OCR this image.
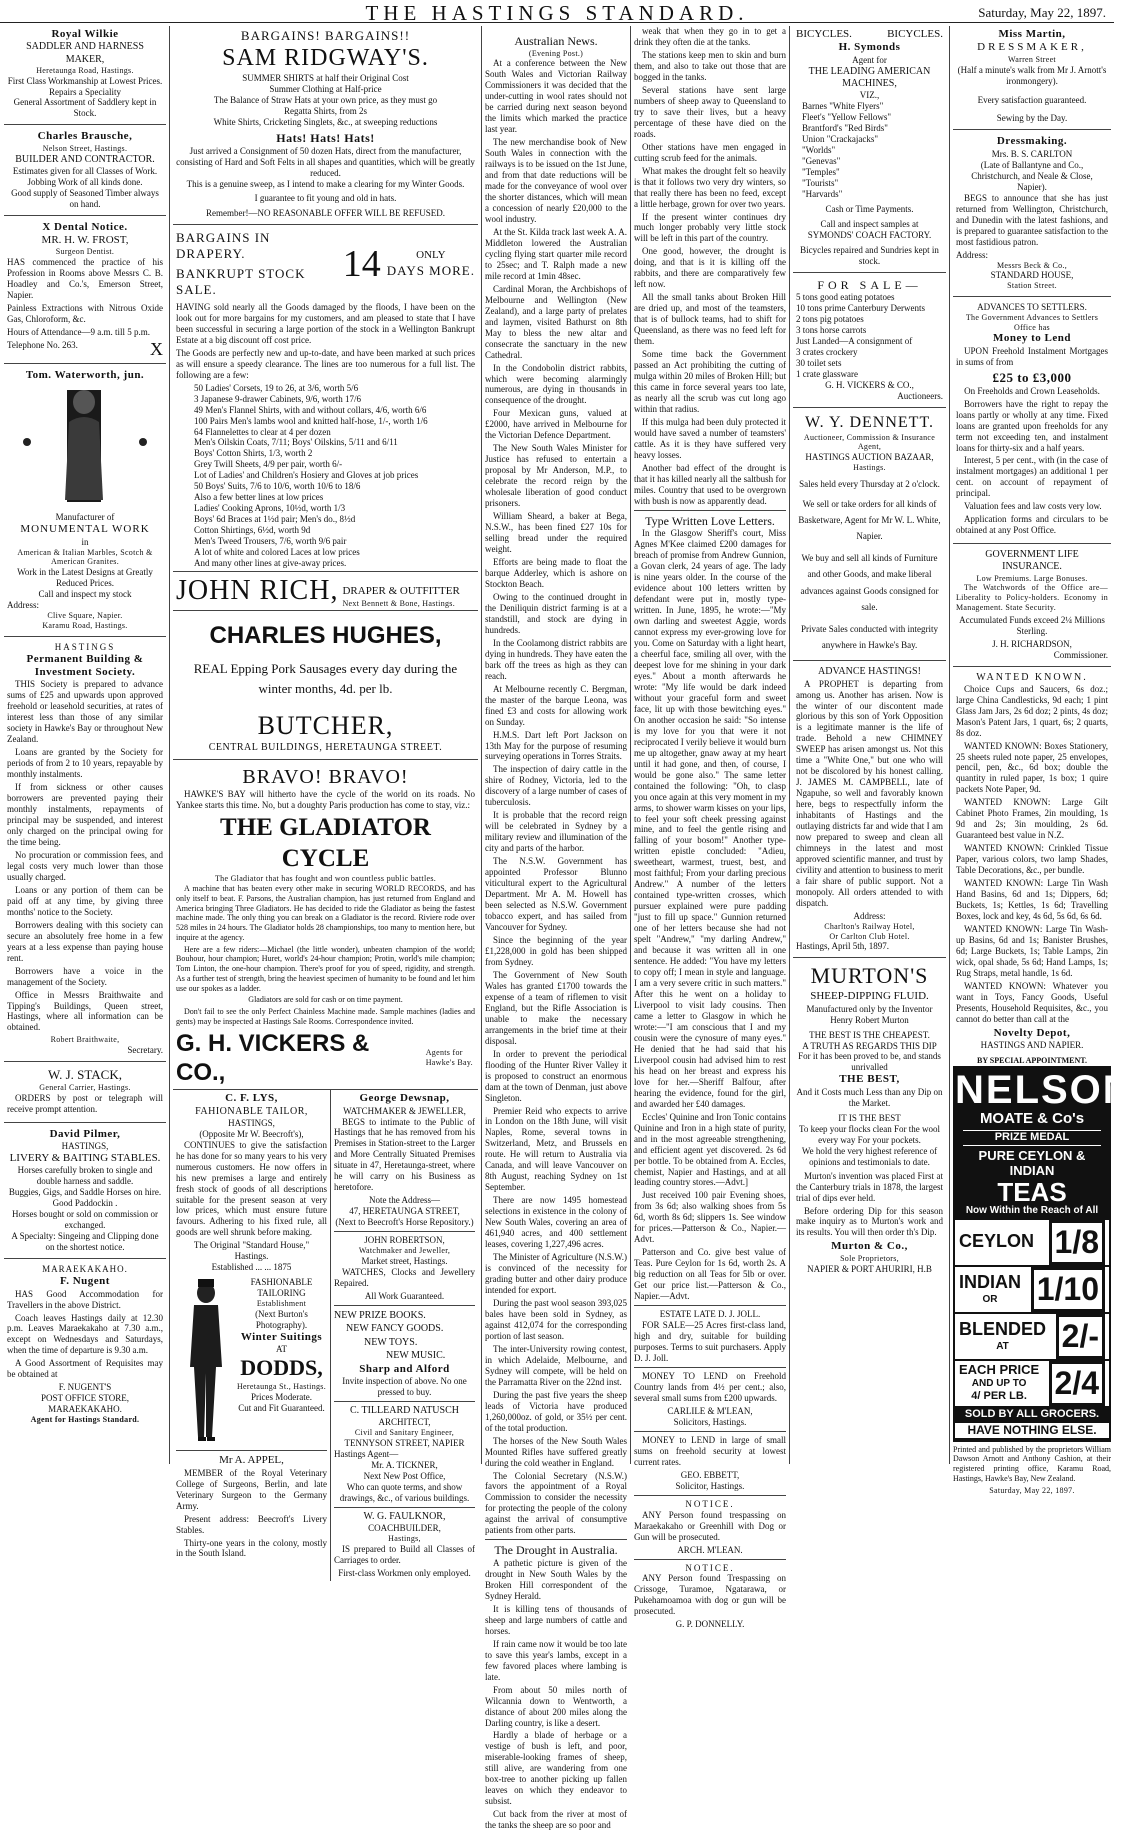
THE HASTINGS STANDARD.	Saturday, May 22, 1897.
Royal Wilkie
SADDLER AND HARNESS MAKER,
Heretaunga Road, Hastings.
First Class Workmanship at Lowest Prices.
Repairs a Speciality
General Assortment of Saddlery kept in Stock.
Charles Brausche,
Nelson Street, Hastings.
BUILDER AND CONTRACTOR.
Estimates given for all Classes of Work.
Jobbing Work of all kinds done.
Good supply of Seasoned Timber always on hand.
X Dental Notice.
MR. H. W. FROST,
Surgeon Dentist.

HAS commenced the practice of his Profession in Rooms above Messrs C. B. Hoadley and Co.'s, Emerson Street, Napier.

Painless Extractions with Nitrous Oxide Gas, Chloroform, &c.

Hours of Attendance—9 a.m. till 5 p.m.

Telephone No. 263.	X
Tom. Waterworth, jun.
Manufacturer of
MONUMENTAL WORK
in
American & Italian Marbles, Scotch & American Granites.
Work in the Latest Designs at Greatly Reduced Prices.
Call and inspect my stock
Address:
Clive Square, Napier.
Karamu Road, Hastings.
HASTINGS
Permanent Building & Investment Society.

THIS Society is prepared to advance sums of £25 and upwards upon approved freehold or leasehold securities, at rates of interest less than those of any similar society in Hawke's Bay or throughout New Zealand.

Loans are granted by the Society for periods of from 2 to 10 years, repayable by monthly instalments.

If from sickness or other causes borrowers are prevented paying their monthly instalments, repayments of principal may be suspended, and interest only charged on the principal owing for the time being.

No procuration or commission fees, and legal costs very much lower than those usually charged.

Loans or any portion of them can be paid off at any time, by giving three months' notice to the Society.

Borrowers dealing with this society can secure an absolutely free home in a few years at a less expense than paying house rent.

Borrowers have a voice in the management of the Society.

Office in Messrs Braithwaite and Tipping's Buildings, Queen street, Hastings, where all information can be obtained.

Robert Braithwaite,
Secretary.
W. J. STACK,
General Carrier, Hastings.

ORDERS by post or telegraph will receive prompt attention.

David Pilmer,
HASTINGS,
LIVERY & BAITING STABLES.
Horses carefully broken to single and double harness and saddle.
Buggies, Gigs, and Saddle Horses on hire.
Good Paddockin .
Horses bought or sold on commission or exchanged.
A Specialty: Singeing and Clipping done on the shortest notice.
MARAEKAKAHO.
F. Nugent

HAS Good Accommodation for Travellers in the above District.

Coach leaves Hastings daily at 12.30 p.m. Leaves Maraekakaho at 7.30 a.m., except on Wednesdays and Saturdays, when the time of departure is 9.30 a.m.

A Good Assortment of Requisites may be obtained at

F. NUGENT'S
POST OFFICE STORE, MARAEKAKAHO.
Agent for Hastings Standard.
BARGAINS! BARGAINS!!
SAM RIDGWAY'S.
SUMMER SHIRTS at half their Original Cost
Summer Clothing at Half-price
The Balance of Straw Hats at your own price, as they must go
Regatta Shirts, from 2s
White Shirts, Cricketing Singlets, &c., at sweeping reductions
Hats! Hats! Hats!
Just arrived a Consignment of 50 dozen Hats, direct from the manufacturer, consisting of Hard and Soft Felts in all shapes and quantities, which will be greatly reduced.
This is a genuine sweep, as I intend to make a clearing for my Winter Goods.
I guarantee to fit young and old in hats.
Remember!—NO REASONABLE OFFER WILL BE REFUSED.
BARGAINS IN DRAPERY.
BANKRUPT STOCK SALE.
14	ONLY
DAYS MORE.

HAVING sold nearly all the Goods damaged by the floods, I have been on the look out for more bargains for my customers, and am pleased to state that I have been successful in securing a large portion of the stock in a Wellington Bankrupt Estate at a big discount off cost price.

The Goods are perfectly new and up-to-date, and have been marked at such prices as will ensure a speedy clearance. The lines are too numerous for a full list. The following are a few:

50 Ladies' Corsets, 19 to 26, at 3/6, worth 5/6
3 Japanese 9-drawer Cabinets, 9/6, worth 17/6
49 Men's Flannel Shirts, with and without collars, 4/6, worth 6/6
100 Pairs Men's lambs wool and knitted half-hose, 1/-, worth 1/6
64 Flannelettes to clear at 4 per dozen
Men's Oilskin Coats, 7/11; Boys' Oilskins, 5/11 and 6/11
Boys' Cotton Shirts, 1/3, worth 2
Grey Twill Sheets, 4/9 per pair, worth 6/-
Lot of Ladies' and Children's Hosiery and Gloves at job prices
50 Boys' Suits, 7/6 to 10/6, worth 10/6 to 18/6
Also a few better lines at low prices
Ladies' Cooking Aprons, 10½d, worth 1/3
Boys' 6d Braces at 1½d pair; Men's do., 8½d
Cotton Shirtings, 6½d, worth 9d
Men's Tweed Trousers, 7/6, worth 9/6 pair
A lot of white and colored Laces at low prices
And many other lines at give-away prices.
JOHN RICH, DRAPER & OUTFITTER
Next Bennett & Bone, Hastings.
CHARLES HUGHES,
REAL Epping Pork Sausages every day during the winter months, 4d. per lb.
BUTCHER,
CENTRAL BUILDINGS, HERETAUNGA STREET.
BRAVO! BRAVO!

HAWKE'S BAY will hitherto have the cycle of the world on its roads. No Yankee starts this time. No, but a doughty Paris production has come to stay, viz.:

THE GLADIATOR CYCLE
The Gladiator that has fought and won countless public battles.

A machine that has beaten every other make in securing WORLD RECORDS, and has only itself to beat. F. Parsons, the Australian champion, has just returned from England and America bringing Three Gladiators. He has decided to ride the Gladiator as being the fastest machine made. The only thing you can break on a Gladiator is the record. Riviere rode over 528 miles in 24 hours. The Gladiator holds 28 championships, too many to mention here, but inquire at the agency.

Here are a few riders:—Michael (the little wonder), unbeaten champion of the world; Bouhour, hour champion; Huret, world's 24-hour champion; Protin, world's mile champion; Tom Linton, the one-hour champion. There's proof for you of speed, rigidity, and strength. As a further test of strength, bring the heaviest specimen of humanity to be found and let him use our spokes as a ladder.

Gladiators are sold for cash or on time payment.

Don't fail to see the only Perfect Chainless Machine made. Sample machines (ladies and gents) may be inspected at Hastings Sale Rooms. Correspondence invited.

G. H. VICKERS & CO.,
Agents for Hawke's Bay.
C. F. LYS,
FAHIONABLE TAILOR,
HASTINGS,
(Opposite Mr W. Beecroft's),

CONTINUES to give the satisfaction he has done for so many years to his very numerous customers. He now offers in his new premises a large and entirely fresh stock of goods of all descriptions suitable for the present season at very low prices, which must ensure future favours. Adhering to his fixed rule, all goods are well shrunk before making.

The Original "Standard House," Hastings.
Established ... ... 1875
FASHIONABLE TAILORING
Establishment
(Next Burton's Photography).
Winter Suitings
AT
DODDS,
Heretaunga St., Hastings.
Prices Moderate.
Cut and Fit Guaranteed.
Mr A. APPEL,

MEMBER of the Royal Veterinary College of Surgeons, Berlin, and late Veterinary Surgeon to the Germany Army.

Present address: Beecroft's Livery Stables.

Thirty-one years in the colony, mostly in the South Island.

George Dewsnap,
WATCHMAKER & JEWELLER,

BEGS to intimate to the Public of Hastings that he has removed from his Premises in Station-street to the Larger and More Centrally Situated Premises situate in 47, Heretaunga-street, where he will carry on his Business as heretofore.

Note the Address—
47, HERETAUNGA STREET,
(Next to Beecroft's Horse Repository.)
JOHN ROBERTSON,
Watchmaker and Jeweller,
Market street, Hastings.

WATCHES, Clocks and Jewellery Repaired.

All Work Guaranteed.
NEW PRIZE BOOKS.
NEW FANCY GOODS.
NEW TOYS.
NEW MUSIC.
Sharp and Alford
Invite inspection of above. No one pressed to buy.
C. TILLEARD NATUSCH
ARCHITECT,
Civil and Sanitary Engineer,
TENNYSON STREET, NAPIER
Hastings Agent—
Mr. A. TICKNER,
Next New Post Office,
Who can quote terms, and show drawings, &c., of various buildings.
W. G. FAULKNOR,
COACHBUILDER,
Hastings,

IS prepared to Build all Classes of Carriages to order.

First-class Workmen only employed.
Australian News.
(Evening Post.)

At a conference between the New South Wales and Victorian Railway Commissioners it was decided that the under-cutting in wool rates should not be carried during next season beyond the limits which marked the practice last year.

The new merchandise book of New South Wales in connection with the railways is to be issued on the 1st June, and from that date reductions will be made for the conveyance of wool over the shorter distances, which will mean a concession of nearly £20,000 to the wool industry.

At the St. Kilda track last week A. A. Middleton lowered the Australian cycling flying start quarter mile record to 25sec; and T. Ralph made a new mile record at 1min 48sec.

Cardinal Moran, the Archbishops of Melbourne and Wellington (New Zealand), and a large party of prelates and laymen, visited Bathurst on 8th May to bless the new altar and consecrate the sanctuary in the new Cathedral.

In the Condobolin district rabbits, which were becoming alarmingly numerous, are dying in thousands in consequence of the drought.

Four Mexican guns, valued at £2000, have arrived in Melbourne for the Victorian Defence Department.

The New South Wales Minister for Justice has refused to entertain a proposal by Mr Anderson, M.P., to celebrate the record reign by the wholesale liberation of good conduct prisoners.

William Sheard, a baker at Bega, N.S.W., has been fined £27 10s for selling bread under the required weight.

Efforts are being made to float the barque Adderley, which is ashore on Stockton Beach.

Owing to the continued drought in the Deniliquin district farming is at a standstill, and stock are dying in hundreds.

In the Coolamong district rabbits are dying in hundreds. They have eaten the bark off the trees as high as they can reach.

At Melbourne recently C. Bergman, the master of the barque Leona, was fined £3 and costs for allowing work on Sunday.

H.M.S. Dart left Port Jackson on 13th May for the purpose of resuming surveying operations in Torres Straits.

The inspection of dairy cattle in the shire of Rodney, Victoria, led to the discovery of a large number of cases of tuberculosis.

It is probable that the record reign will be celebrated in Sydney by a military review and illumination of the city and parts of the harbor.

The N.S.W. Government has appointed Professor Blunno viticultural expert to the Agricultural Department. Mr A. M. Howell has been selected as N.S.W. Government tobacco expert, and has sailed from Vancouver for Sydney.

Since the beginning of the year £1,228,000 in gold has been shipped from Sydney.

The Government of New South Wales has granted £1700 towards the expense of a team of riflemen to visit England, but the Rifle Association is unable to make the necessary arrangements in the brief time at their disposal.

In order to prevent the periodical flooding of the Hunter River Valley it is proposed to construct an enormous dam at the town of Denman, just above Singleton.

Premier Reid who expects to arrive in London on the 18th June, will visit Naples, Rome, several towns in Switzerland, Metz, and Brussels en route. He will return to Australia via Canada, and will leave Vancouver on 8th August, reaching Sydney on 1st September.

There are now 1495 homestead selections in existence in the colony of New South Wales, covering an area of 461,940 acres, and 400 settlement leases, covering 1,227,496 acres.

The Minister of Agriculture (N.S.W.) is convinced of the necessity for grading butter and other dairy produce intended for export.

During the past wool season 393,025 bales have been sold in Sydney, as against 412,074 for the corresponding portion of last season.

The inter-University rowing contest, in which Adelaide, Melbourne, and Sydney will compete, will be held on the Parramatta River on the 22nd inst.

During the past five years the sheep leads of Victoria have produced 1,260,000oz. of gold, or 35½ per cent. of the total production.

The horses of the New South Wales Mounted Rifles have suffered greatly during the cold weather in England.

The Colonial Secretary (N.S.W.) favors the appointment of a Royal Commission to consider the necessity for protecting the people of the colony against the arrival of consumptive patients from other parts.

The Drought in Australia.

A pathetic picture is given of the drought in New South Wales by the Broken Hill correspondent of the Sydney Herald.

It is killing tens of thousands of sheep and large numbers of cattle and horses.

If rain came now it would be too late to save this year's lambs, except in a few favored places where lambing is late.

From about 50 miles north of Wilcannia down to Wentworth, a distance of about 200 miles along the Darling country, is like a desert.

Hardly a blade of herbage or a vestige of bush is left, and poor, miserable-looking frames of sheep, still alive, are wandering from one box-tree to another picking up fallen leaves on which they endeavor to subsist.

Cut back from the river at most of the tanks the sheep are so poor and

weak that when they go in to get a drink they often die at the tanks.

The stations keep men to skin and burn them, and also to take out those that are bogged in the tanks.

Several stations have sent large numbers of sheep away to Queensland to try to save their lives, but a heavy percentage of these have died on the roads.

Other stations have men engaged in cutting scrub feed for the animals.

What makes the drought felt so heavily is that it follows two very dry winters, so that really there has been no feed, except a little herbage, grown for over two years.

If the present winter continues dry much longer probably very little stock will be left in this part of the country.

One good, however, the drought is doing, and that is it is killing off the rabbits, and there are comparatively few left now.

All the small tanks about Broken Hill are dried up, and most of the teamsters, that is of bullock teams, had to shift for Queensland, as there was no feed left for them.

Some time back the Government passed an Act prohibiting the cutting of mulga within 20 miles of Broken Hill; but this came in force several years too late, as nearly all the scrub was cut long ago within that radius.

If this mulga had been duly protected it would have saved a number of teamsters' cattle. As it is they have suffered very heavy losses.

Another bad effect of the drought is that it has killed nearly all the saltbush for miles. Country that used to be overgrown with bush is now as apparently dead.

Type Written Love Letters.

In the Glasgow Sheriff's court, Miss Agnes M'Kee claimed £200 damages for breach of promise from Andrew Gunnion, a Govan clerk, 24 years of age. The lady is nine years older. In the course of the evidence about 100 letters written by defendant were put in, mostly type-written. In June, 1895, he wrote:—"My own darling and sweetest Aggie, words cannot express my ever-growing love for you. Come on Saturday with a light heart, a cheerful face, smiling all over, with the deepest love for me shining in your dark eyes." About a month afterwards he wrote: "My life would be dark indeed without your graceful form and sweet face, lit up with those bewitching eyes." On another occasion he said: "So intense is my love for you that were it not reciprocated I verily believe it would burn me up altogether, gnaw away at my heart until it had gone, and then, of course, I would be gone also." The same letter contained the following: "Oh, to clasp you once again at this very moment in my arms, to shower warm kisses on your lips, to feel your soft cheek pressing against mine, and to feel the gentle rising and falling of your bosom!" Another type-written epistle concluded: "Adieu, sweetheart, warmest, truest, best, and most faithful; From your darling precious Andrew." A number of the letters contained type-written crosses, which pursuer explained were pure padding "just to fill up space." Gunnion returned one of her letters because she had not spelt "Andrew," "my darling Andrew," and because it was written all in one sentence. He added: "You have my letters to copy off; I mean in style and language. I am a very severe critic in such matters." After this he went on a holiday to Liverpool to visit lady cousins. Then came a letter to Glasgow in which he wrote:—"I am conscious that I and my cousin were the cynosure of many eyes." He denied that he had said that his Liverpool cousin had advised him to rest his head on her breast and express his love for her.—Sheriff Balfour, after hearing the evidence, found for the girl, and awarded her £40 damages.

Eccles' Quinine and Iron Tonic contains Quinine and Iron in a high state of purity, and in the most agreeable strengthening, and efficient agent yet discovered. 2s 6d per bottle. To be obtained from A. Eccles, chemist, Napier and Hastings, and at all leading country stores.—Advt.]

Just received 100 pair Evening shoes, from 3s 6d; also walking shoes from 5s 6d, worth 8s 6d; slippers 1s. See window for prices.—Patterson & Co., Napier.—Advt.

Patterson and Co. give best value of Teas. Pure Ceylon for 1s 6d, worth 2s. A big reduction on all Teas for 5lb or over. Get our price list.—Patterson & Co., Napier.—Advt.

ESTATE LATE D. J. JOLL.

FOR SALE—25 Acres first-class land, high and dry, suitable for building purposes. Terms to suit purchasers. Apply D. J. Joll.

MONEY TO LEND on Freehold Country lands from 4½ per cent.; also, several small sums from £200 upwards.

CARLILE & M'LEAN,
Solicitors, Hastings.

MONEY to LEND in large of small sums on freehold security at lowest current rates.

GEO. EBBETT,
Solicitor, Hastings.
NOTICE.

ANY Person found trespassing on Maraekakaho or Greenhill with Dog or Gun will be prosecuted.

ARCH. M'LEAN.
NOTICE.

ANY Person found Trespassing on Crissoge, Turamoe, Ngatarawa, or Pukehamoamoa with dog or gun will be prosecuted.

G. P. DONNELLY.
BICYCLES.	BICYCLES.
H. Symonds
Agent for
THE LEADING AMERICAN MACHINES,
VIZ.,
Barnes "White Flyers"
Fleet's "Yellow Fellows"
Brantford's "Red Birds"
Union "Crackajacks"
"Worlds"
"Genevas"
"Temples"
"Tourists"
"Harvards"
Cash or Time Payments.
Call and inspect samples at
SYMONDS' COACH FACTORY.
Bicycles repaired and Sundries kept in stock.
FOR SALE—
5 tons good eating potatoes
10 tons prime Canterbury Derwents
2 tons pig potatoes
3 tons horse carrots
Just Landed—A consignment of
3 crates crockery
30 toilet sets
1 crate glassware
G. H. VICKERS & CO.,
Auctioneers.
W. Y. DENNETT.
Auctioneer, Commission & Insurance Agent,
HASTINGS AUCTION BAZAAR,
Hastings.

Sales held every Thursday at 2 o'clock.

We sell or take orders for all kinds of Basketware, Agent for Mr W. L. White, Napier.

We buy and sell all kinds of Furniture and other Goods, and make liberal advances against Goods consigned for sale.

Private Sales conducted with integrity anywhere in Hawke's Bay.

ADVANCE HASTINGS!

A PROPHET is departing from among us. Another has arisen. Now is the winter of our discontent made glorious by this son of York Opposition is a legitimate manner is the life of trade. Behold a new CHIMNEY SWEEP has arisen amongst us. Not this time a "White One," but one who will not be discolored by his honest calling. J. JAMES M. CAMPBELL, late of Ngapuhe, so well and favorably known here, begs to respectfully inform the inhabitants of Hastings and the outlaying districts far and wide that I am now prepared to sweep and clean all chimneys in the latest and most approved scientific manner, and trust by civility and attention to business to merit a fair share of public support. Not a monopoly. All orders attended to with dispatch.

Address:
Charlton's Railway Hotel,
Or Carlton Club Hotel.
Hastings, April 5th, 1897.
MURTON'S
SHEEP-DIPPING FLUID.
Manufactured only by the Inventor Henry Robert Murton
THE BEST IS THE CHEAPEST.
A TRUTH AS REGARDS THIS DIP
For it has been proved to be, and stands unrivalled
THE BEST,
And it Costs much Less than any Dip on the Market.
IT IS THE BEST
To keep your flocks clean For the wool every way For your pockets.
We hold the very highest reference of opinions and testimonials to date.

Murton's invention was placed First at the Canterbury trials in 1878, the largest trial of dips ever held.

Before ordering Dip for this season make inquiry as to Murton's work and its results. You will then order th's Dip.

Murton & Co.,
Sole Proprietors,
NAPIER & PORT AHURIRI, H.B
Miss Martin,
DRESSMAKER,
Warren Street
(Half a minute's walk from Mr J. Arnott's ironmongery).
Every satisfaction guaranteed.
Sewing by the Day.
Dressmaking.
Mrs. B. S. CARLTON
(Late of Ballantyne and Co., Christchurch, and Neale & Close, Napier).

BEGS to announce that she has just returned from Wellington, Christchurch, and Dunedin with the latest fashions, and is prepared to guarantee satisfaction to the most fastidious patron.

Address:
Messrs Beck & Co.,
STANDARD HOUSE,
Station Street.
ADVANCES TO SETTLERS.
The Government Advances to Settlers Office has
Money to Lend

UPON Freehold Instalment Mortgages in sums of from

£25 to £3,000

On Freeholds and Crown Leaseholds.

Borrowers have the right to repay the loans partly or wholly at any time. Fixed loans are granted upon freeholds for any term not exceeding ten, and instalment loans for thirty-six and a half years.

Interest, 5 per cent., with (in the case of instalment mortgages) an additional 1 per cent. on account of repayment of principal.

Valuation fees and law costs very low.

Application forms and circulars to be obtained at any Post Office.

GOVERNMENT LIFE INSURANCE.
Low Premiums. Large Bonuses.

The Watchwords of the Office are—Liberality to Policy-holders. Economy in Management. State Security.

Accumulated Funds exceed 2¼ Millions Sterling.

J. H. RICHARDSON,
Commissioner.
WANTED KNOWN.

Choice Cups and Saucers, 6s doz.; large China Candlesticks, 9d each; 1 pint Glass Jam Jars, 2s 6d doz; 2 pints, 4s doz; Mason's Patent Jars, 1 quart, 6s; 2 quarts, 8s doz.

WANTED KNOWN: Boxes Stationery, 25 sheets ruled note paper, 25 envelopes, pencil, pen, &c., 6d box; double the quantity in ruled paper, 1s box; 1 quire packets Note Paper, 9d.

WANTED KNOWN: Large Gilt Cabinet Photo Frames, 2in moulding, 1s 9d and 2s; 3in moulding, 2s 6d. Guaranteed best value in N.Z.

WANTED KNOWN: Crinkled Tissue Paper, various colors, two lamp Shades, Table Decorations, &c., per bundle.

WANTED KNOWN: Large Tin Wash Hand Basins, 6d and 1s; Dippers, 6d; Buckets, 1s; Kettles, 1s 6d; Travelling Boxes, lock and key, 4s 6d, 5s 6d, 6s 6d.

WANTED KNOWN: Large Tin Wash-up Basins, 6d and 1s; Banister Brushes, 6d; Large Buckets, 1s; Table Lamps, 2in wick, opal shade, 5s 6d; Hand Lamps, 1s; Rug Straps, metal handle, 1s 6d.

WANTED KNOWN: Whatever you want in Toys, Fancy Goods, Useful Presents, Household Requisites, &c., you cannot do better than call at the

Novelty Depot,
HASTINGS AND NAPIER.
BY SPECIAL APPOINTMENT.
NELSON
MOATE & Co's
PRIZE MEDAL
PURE CEYLON & INDIAN
TEAS
Now Within the Reach of All
CEYLON 1/8
INDIAN
OR	1/10
BLENDED
AT	2/-
EACH PRICE
AND UP TO
4/ PER LB. 2/4
SOLD BY ALL GROCERS.
HAVE NOTHING ELSE.

Printed and published by the proprietors William Dawson Arnott and Anthony Cashion, at their registered printing office, Karamu Road, Hastings, Hawke's Bay, New Zealand.

Saturday, May 22, 1897.
